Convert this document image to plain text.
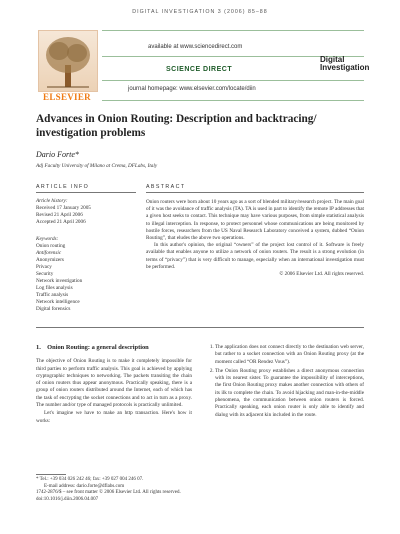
DIGITAL INVESTIGATION 3 (2006) 85–88
ELSEVIER
available at www.sciencedirect.com
SCIENCE DIRECT
journal homepage: www.elsevier.com/locate/diin
Digital
Investigation
Advances in Onion Routing: Description and backtracing/ investigation problems
Dario Forte*
Adj Faculty University of Milano at Crema, DFLabs, Italy
ARTICLE INFO	ABSTRACT
Article history:
Received 17 January 2005
Revised 21 April 2006
Accepted 21 April 2006
Keywords:
Onion routing
Antiforensic
Anonymizers
Privacy
Security
Network investigation
Log files analysis
Traffic analysis
Network intelligence
Digital forensics

Onion routers were born about 10 years ago as a sort of blended military/research project. The main goal of it was the avoidance of traffic analysis (TA). TA is used in part to identify the remote IP addresses that a given host seeks to contact. This technique may have various purposes, from simple statistical analysis to illegal interception. In response, to protect personnel whose communications are being monitored by hostile forces, researchers from the US Naval Research Laboratory conceived a system, dubbed “Onion Routing”, that eludes the above two operations.

In this author's opinion, the original “owners” of the project lost control of it. Software is freely available that enables anyone to utilize a network of onion routers. The result is a strong evolution (in terms of “privacy”) that is very difficult to manage, especially when an international investigation must be performed.

© 2006 Elsevier Ltd. All rights reserved.
1. Onion Routing: a general description

The objective of Onion Routing is to make it completely impossible for third parties to perform traffic analysis. This goal is achieved by applying cryptographic techniques to networking. The packets transiting the chain of onion routers thus appear anonymous. Practically speaking, there is a group of onion routers distributed around the Internet, each of which has the task of encrypting the socket connections and to act in turn as a proxy. The number and/or type of managed protocols is practically unlimited.

Let's imagine we have to make an http transaction. Here's how it works:

1. The application does not connect directly to the destination web server, but rather to a socket connection with an Onion Routing proxy (at the moment called “OR Rendez Vous”).
2. The Onion Routing proxy establishes a direct anonymous connection with its nearest sister. To guarantee the impossibility of interceptions, the first Onion Routing proxy makes another connection with others of its ilk to complete the chain. To avoid hijacking and man-in-the-middle phenomena, the communication between onion routers is forced. Practically speaking, each onion router is only able to identify and dialog with its adjacent kin included in the route.
* Tel.: +39 034 026 242 46; fax: +39 027 004 246 07.
E-mail address: dario.forte@dflabs.com
1742-2876/$ – see front matter © 2006 Elsevier Ltd. All rights reserved.
doi:10.1016/j.diin.2006.04.007
